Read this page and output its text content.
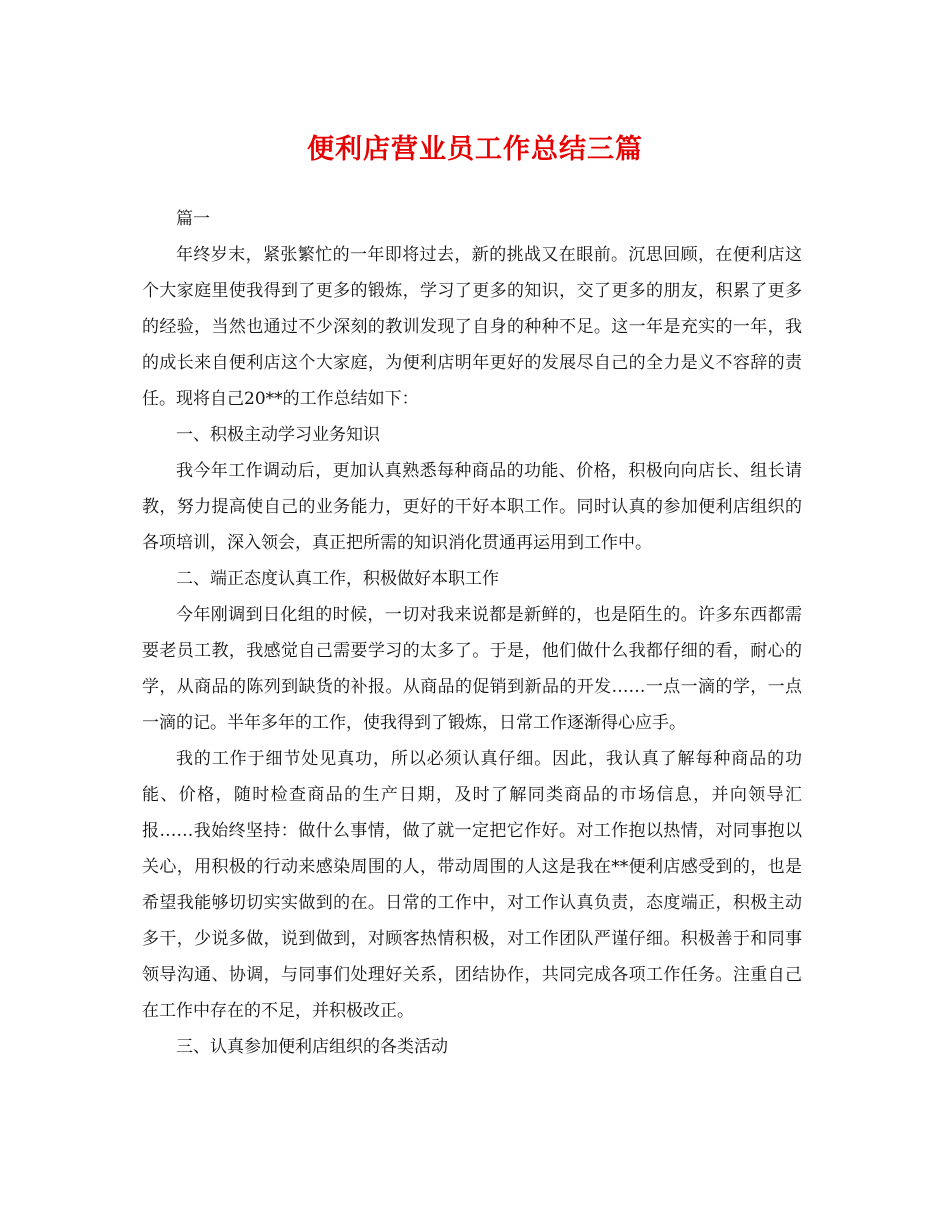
便利店营业员工作总结三篇

篇一

年终岁末，紧张繁忙的一年即将过去，新的挑战又在眼前。沉思回顾，在便利店这个大家庭里使我得到了更多的锻炼，学习了更多的知识，交了更多的朋友，积累了更多的经验，当然也通过不少深刻的教训发现了自身的种种不足。这一年是充实的一年，我的成长来自便利店这个大家庭，为便利店明年更好的发展尽自己的全力是义不容辞的责任。现将自己20**的工作总结如下：

一、积极主动学习业务知识

我今年工作调动后，更加认真熟悉每种商品的功能、价格，积极向向店长、组长请教，努力提高使自己的业务能力，更好的干好本职工作。同时认真的参加便利店组织的各项培训，深入领会，真正把所需的知识消化贯通再运用到工作中。

二、端正态度认真工作，积极做好本职工作

今年刚调到日化组的时候，一切对我来说都是新鲜的，也是陌生的。许多东西都需要老员工教，我感觉自己需要学习的太多了。于是，他们做什么我都仔细的看，耐心的学，从商品的陈列到缺货的补报。从商品的促销到新品的开发……一点一滴的学，一点一滴的记。半年多年的工作，使我得到了锻炼，日常工作逐渐得心应手。

我的工作于细节处见真功，所以必须认真仔细。因此，我认真了解每种商品的功能、价格，随时检查商品的生产日期，及时了解同类商品的市场信息，并向领导汇报……我始终坚持：做什么事情，做了就一定把它作好。对工作抱以热情，对同事抱以关心，用积极的行动来感染周围的人，带动周围的人这是我在**便利店感受到的，也是希望我能够切切实实做到的在。日常的工作中，对工作认真负责，态度端正，积极主动多干，少说多做，说到做到，对顾客热情积极，对工作团队严谨仔细。积极善于和同事领导沟通、协调，与同事们处理好关系，团结协作，共同完成各项工作任务。注重自己在工作中存在的不足，并积极改正。

三、认真参加便利店组织的各类活动
